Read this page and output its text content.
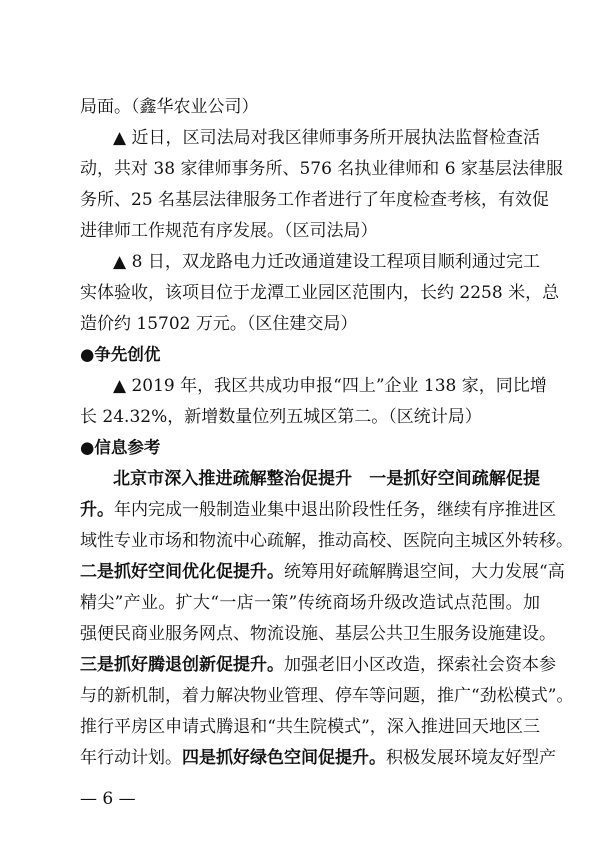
局面。（鑫华农业公司）
▲ 近日，区司法局对我区律师事务所开展执法监督检查活
动，共对 38 家律师事务所、576 名执业律师和 6 家基层法律服
务所、25 名基层法律服务工作者进行了年度检查考核，有效促
进律师工作规范有序发展。（区司法局）
▲ 8 日，双龙路电力迁改通道建设工程项目顺利通过完工
实体验收，该项目位于龙潭工业园区范围内，长约 2258 米，总
造价约 15702 万元。（区住建交局）
●争先创优
▲ 2019 年，我区共成功申报“四上”企业 138 家，同比增
长 24.32%，新增数量位列五城区第二。（区统计局）
●信息参考
北京市深入推进疏解整治促提升　 一是抓好空间疏解促提
升。年内完成一般制造业集中退出阶段性任务，继续有序推进区
域性专业市场和物流中心疏解，推动高校、医院向主城区外转移。
二是抓好空间优化促提升。统筹用好疏解腾退空间，大力发展“高
精尖”产业。扩大“一店一策”传统商场升级改造试点范围。加
强便民商业服务网点、物流设施、基层公共卫生服务设施建设。
三是抓好腾退创新促提升。加强老旧小区改造，探索社会资本参
与的新机制，着力解决物业管理、停车等问题，推广“劲松模式”。
推行平房区申请式腾退和“共生院模式”，深入推进回天地区三
年行动计划。四是抓好绿色空间促提升。积极发展环境友好型产
— 6 —
